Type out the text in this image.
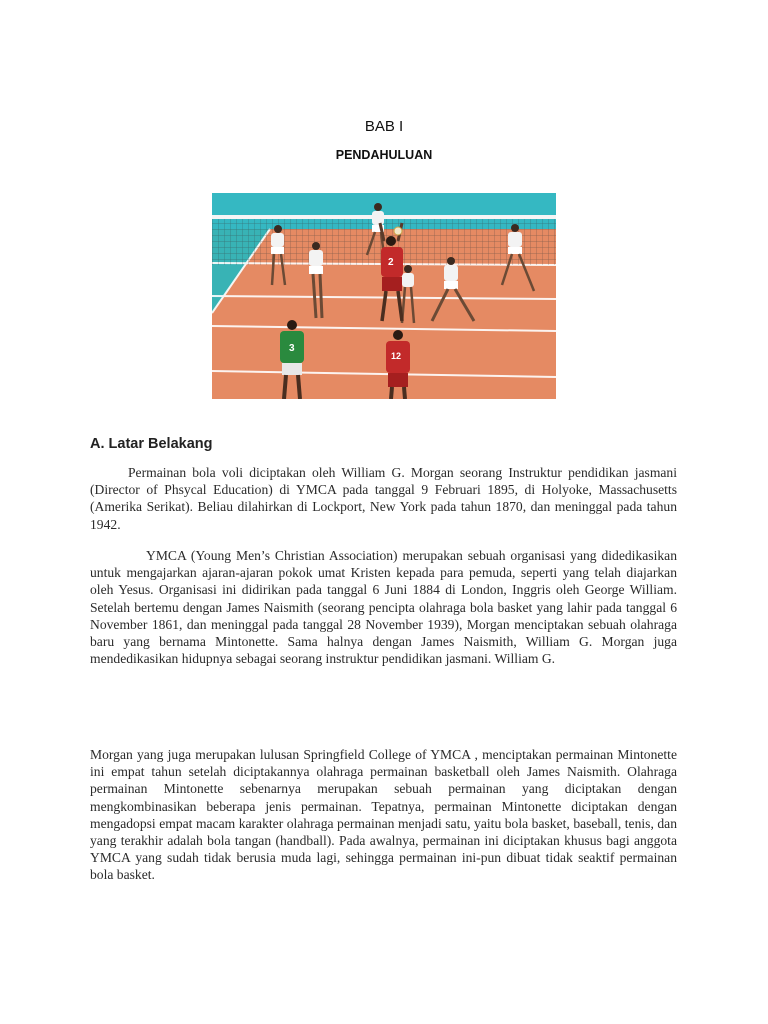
BAB I
PENDAHULUAN
2
3
12
A. Latar Belakang

Permainan bola voli diciptakan oleh William G. Morgan seorang Instruktur pendidikan jasmani (Director of Phsycal Education) di YMCA pada tanggal 9 Februari 1895, di Holyoke, Massachusetts (Amerika Serikat). Beliau dilahirkan di Lockport, New York pada tahun 1870, dan meninggal pada tahun 1942.

YMCA (Young Men’s Christian Association) merupakan sebuah organisasi yang didedikasikan untuk mengajarkan ajaran-ajaran pokok umat Kristen kepada para pemuda, seperti yang telah diajarkan oleh Yesus. Organisasi ini didirikan pada tanggal 6 Juni 1884 di London, Inggris oleh George William. Setelah bertemu dengan James Naismith (seorang pencipta olahraga bola basket yang lahir pada tanggal 6 November 1861, dan meninggal pada tanggal 28 November 1939), Morgan menciptakan sebuah olahraga baru yang bernama Mintonette. Sama halnya dengan James Naismith, William G. Morgan juga mendedikasikan hidupnya sebagai seorang instruktur pendidikan jasmani. William G.

Morgan yang juga merupakan lulusan Springfield College of YMCA , menciptakan permainan Mintonette ini empat tahun setelah diciptakannya olahraga permainan basketball oleh James Naismith. Olahraga permainan Mintonette sebenarnya merupakan sebuah permainan yang diciptakan dengan mengkombinasikan beberapa jenis permainan. Tepatnya, permainan Mintonette diciptakan dengan mengadopsi empat macam karakter olahraga permainan menjadi satu, yaitu bola basket, baseball, tenis, dan yang terakhir adalah bola tangan (handball). Pada awalnya, permainan ini diciptakan khusus bagi anggota YMCA yang sudah tidak berusia muda lagi, sehingga permainan ini-pun dibuat tidak seaktif permainan bola basket.
